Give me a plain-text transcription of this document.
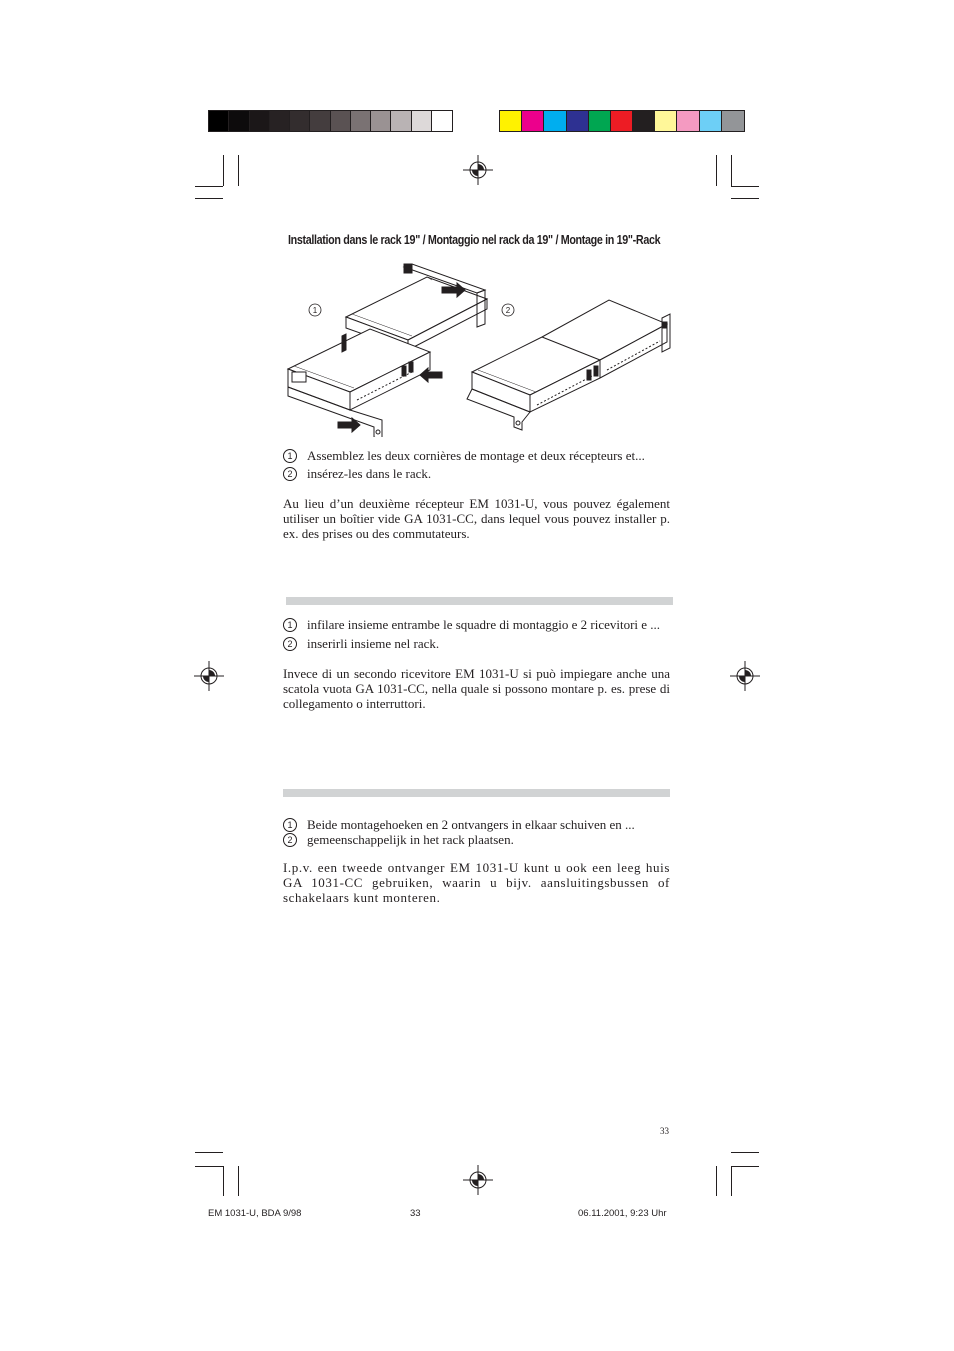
Installation dans le rack 19" / Montaggio nel rack da 19" / Montage in 19"-Rack
1	2
1 Assemblez les deux cornières de montage et deux récepteurs et...
2 insérez-les dans le rack.
Au lieu d’un deuxième récepteur EM 1031-U, vous pouvez également utiliser un boîtier vide GA 1031-CC, dans lequel vous pouvez installer p. ex. des prises ou des commutateurs.
1 infilare insieme entrambe le squadre di montaggio e 2 ricevitori e ...
2 inserirli insieme nel rack.
Invece di un secondo ricevitore EM 1031-U si può impiegare anche una scatola vuota GA 1031-CC, nella quale si possono montare p. es. prese di collegamento o interruttori.
1 Beide montagehoeken en 2 ontvangers in elkaar schuiven en ...
2 gemeenschappelijk in het rack plaatsen.
I.p.v. een tweede ontvanger EM 1031-U kunt u ook een leeg huis GA 1031-CC gebruiken, waarin u bijv. aansluitingsbussen of schakelaars kunt monteren.
33
EM 1031-U, BDA 9/98	33	06.11.2001, 9:23 Uhr
